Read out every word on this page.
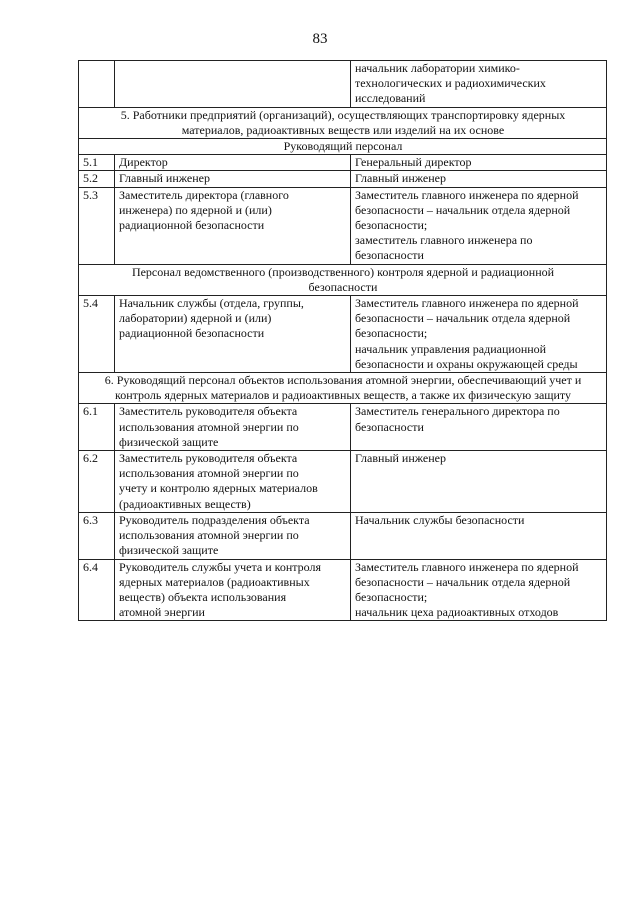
83

		начальник лаборатории химико-
технологических и радиохимических
исследований

5. Работники предприятий (организаций), осуществляющих транспортировку ядерных
материалов, радиоактивных веществ или изделий на их основе		

Руководящий персонал		

5.1	Директор	Генеральный директор

5.2	Главный инженер	Главный инженер

5.3	Заместитель директора (главного
инженера) по ядерной и (или)
радиационной безопасности	Заместитель главного инженера по ядерной
безопасности – начальник отдела ядерной
безопасности;
заместитель главного инженера по
безопасности

Персонал ведомственного (производственного) контроля ядерной и радиационной
безопасности		

5.4	Начальник службы (отдела, группы,
лаборатории) ядерной и (или)
радиационной безопасности	Заместитель главного инженера по ядерной
безопасности – начальник отдела ядерной
безопасности;
начальник управления радиационной
безопасности и охраны окружающей среды

6. Руководящий персонал объектов использования атомной энергии, обеспечивающий учет и
контроль ядерных материалов и радиоактивных веществ, а также их физическую защиту		

6.1	Заместитель руководителя объекта
использования атомной энергии по
физической защите	Заместитель генерального директора по
безопасности

6.2	Заместитель руководителя объекта
использования атомной энергии по
учету и контролю ядерных материалов
(радиоактивных веществ)	Главный инженер

6.3	Руководитель подразделения объекта
использования атомной энергии по
физической защите	Начальник службы безопасности

6.4	Руководитель службы учета и контроля
ядерных материалов (радиоактивных
веществ) объекта использования
атомной энергии	Заместитель главного инженера по ядерной
безопасности – начальник отдела ядерной
безопасности;
начальник цеха радиоактивных отходов
